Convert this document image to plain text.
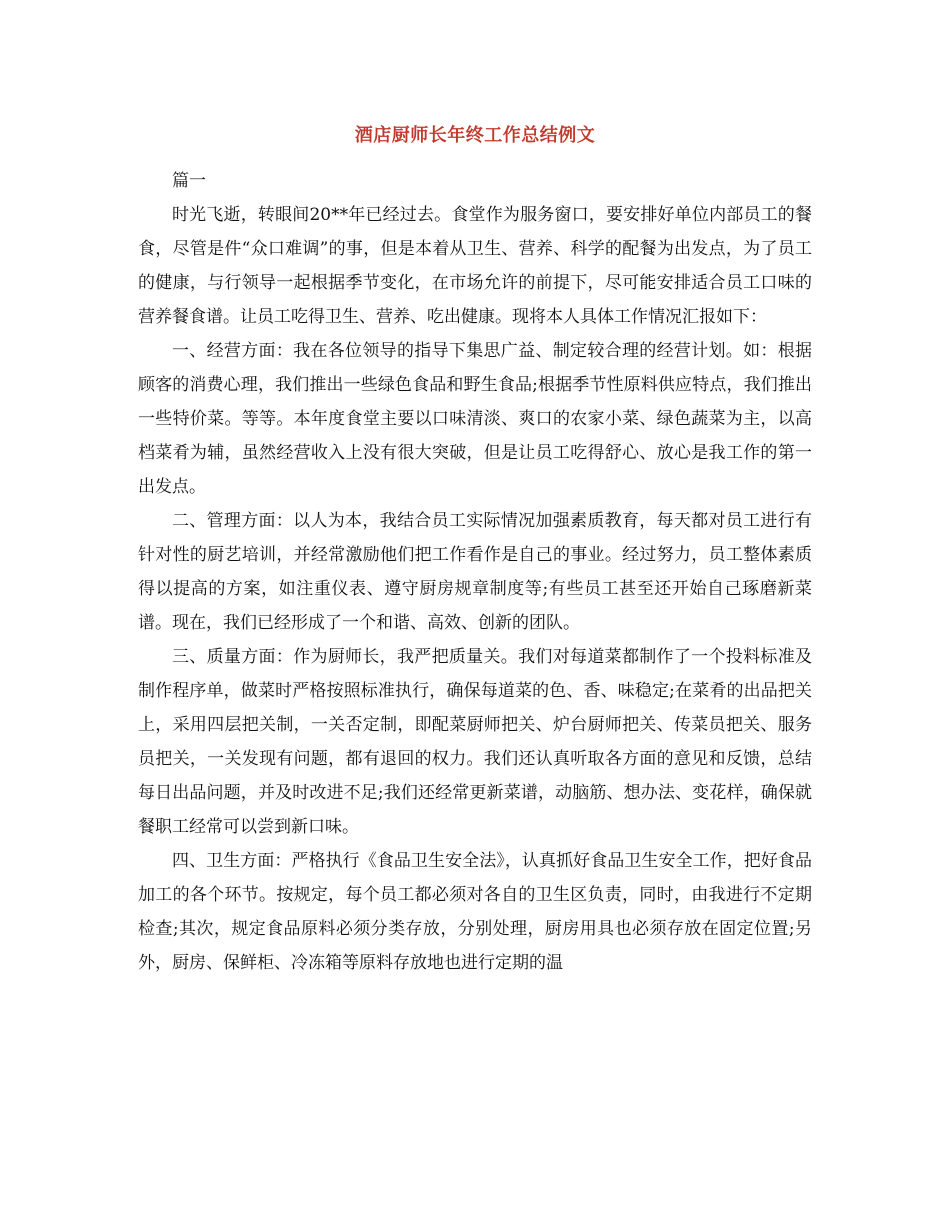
酒店厨师长年终工作总结例文

篇一

时光飞逝，转眼间20**年已经过去。食堂作为服务窗口，要安排好单位内部员工的餐食，尽管是件“众口难调”的事，但是本着从卫生、营养、科学的配餐为出发点，为了员工的健康，与行领导一起根据季节变化，在市场允许的前提下，尽可能安排适合员工口味的营养餐食谱。让员工吃得卫生、营养、吃出健康。现将本人具体工作情况汇报如下：

一、经营方面：我在各位领导的指导下集思广益、制定较合理的经营计划。如：根据顾客的消费心理，我们推出一些绿色食品和野生食品;根据季节性原料供应特点，我们推出一些特价菜。等等。本年度食堂主要以口味清淡、爽口的农家小菜、绿色蔬菜为主，以高档菜肴为辅，虽然经营收入上没有很大突破，但是让员工吃得舒心、放心是我工作的第一出发点。

二、管理方面：以人为本，我结合员工实际情况加强素质教育，每天都对员工进行有针对性的厨艺培训，并经常激励他们把工作看作是自己的事业。经过努力，员工整体素质得以提高的方案，如注重仪表、遵守厨房规章制度等;有些员工甚至还开始自己琢磨新菜谱。现在，我们已经形成了一个和谐、高效、创新的团队。

三、质量方面：作为厨师长，我严把质量关。我们对每道菜都制作了一个投料标准及制作程序单，做菜时严格按照标准执行，确保每道菜的色、香、味稳定;在菜肴的出品把关上，采用四层把关制，一关否定制，即配菜厨师把关、炉台厨师把关、传菜员把关、服务员把关，一关发现有问题，都有退回的权力。我们还认真听取各方面的意见和反馈，总结每日出品问题，并及时改进不足;我们还经常更新菜谱，动脑筋、想办法、变花样，确保就餐职工经常可以尝到新口味。

四、卫生方面：严格执行《食品卫生安全法》，认真抓好食品卫生安全工作，把好食品加工的各个环节。按规定，每个员工都必须对各自的卫生区负责，同时，由我进行不定期检查;其次，规定食品原料必须分类存放，分别处理，厨房用具也必须存放在固定位置;另外，厨房、保鲜柜、冷冻箱等原料存放地也进行定期的温
